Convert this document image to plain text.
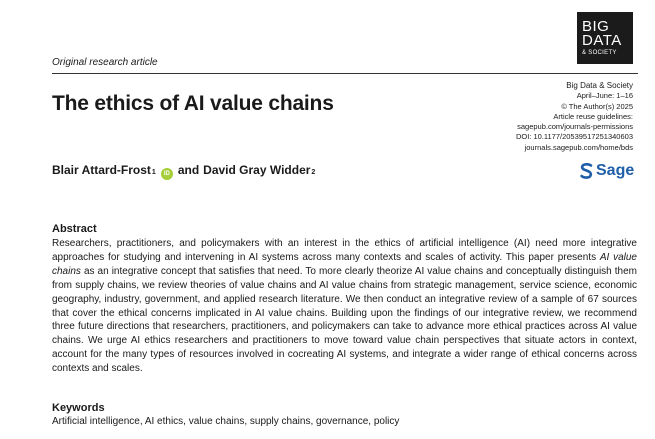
BIG
DATA
& SOCIETY
Original research article
The ethics of AI value chains
Big Data & Society
April–June: 1–16
© The Author(s) 2025
Article reuse guidelines:
sagepub.com/journals-permissions
DOI: 10.1177/20539517251340603
journals.sagepub.com/home/bds
Sage
Blair Attard-Frost$_1$	iD and David Gray Widder$_2$
Abstract

Researchers, practitioners, and policymakers with an interest in the ethics of artificial intelligence (AI) need more integrative approaches for studying and intervening in AI systems across many contexts and scales of activity. This paper presents AI value chains as an integrative concept that satisfies that need. To more clearly theorize AI value chains and conceptually distinguish them from supply chains, we review theories of value chains and AI value chains from strategic management, service science, economic geography, industry, government, and applied research literature. We then conduct an integrative review of a sample of 67 sources that cover the ethical concerns implicated in AI value chains. Building upon the findings of our integrative review, we recommend three future directions that researchers, practitioners, and policymakers can take to advance more ethical practices across AI value chains. We urge AI ethics researchers and practitioners to move toward value chain perspectives that situate actors in context, account for the many types of resources involved in cocreating AI systems, and integrate a wider range of ethical concerns across contexts and scales.

Keywords
Artificial intelligence, AI ethics, value chains, supply chains, governance, policy
